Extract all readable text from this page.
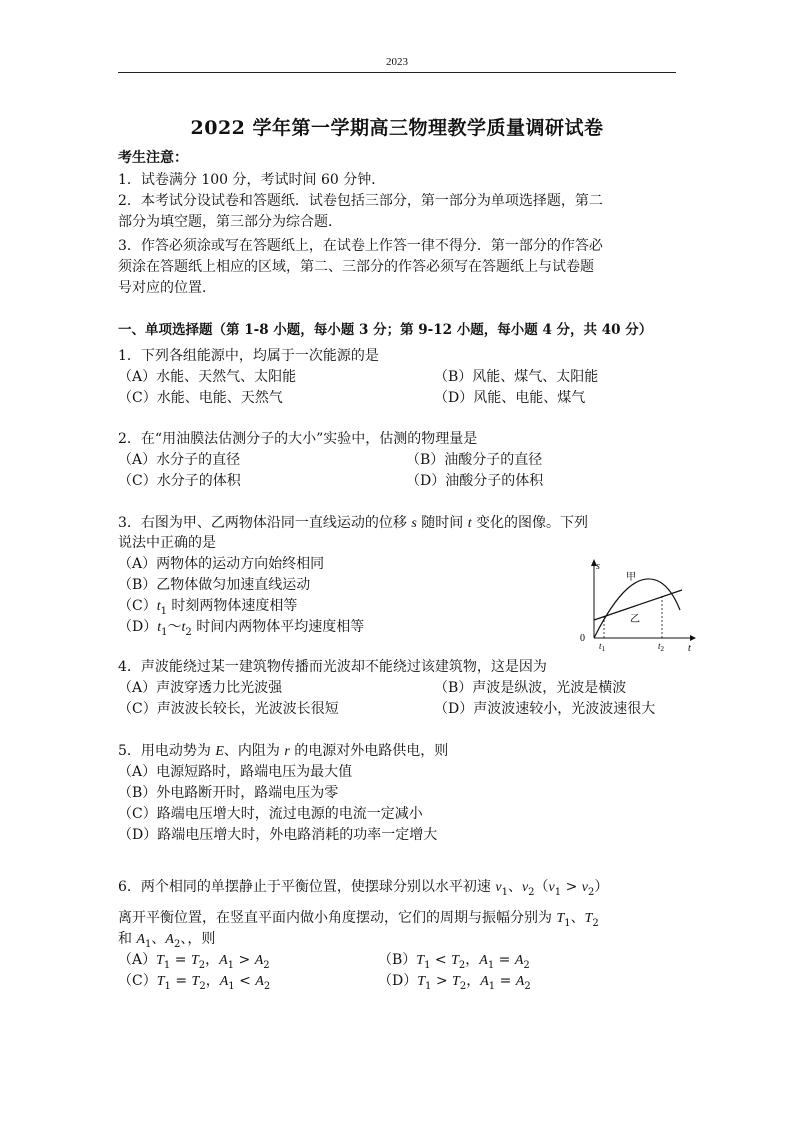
2023
2022 学年第一学期高三物理教学质量调研试卷
考生注意：
1．试卷满分 100 分，考试时间 60 分钟．
2．本考试分设试卷和答题纸．试卷包括三部分，第一部分为单项选择题，第二
部分为填空题，第三部分为综合题．
3．作答必须涂或写在答题纸上，在试卷上作答一律不得分．第一部分的作答必
须涂在答题纸上相应的区域，第二、三部分的作答必须写在答题纸上与试卷题
号对应的位置．
一、单项选择题（第 1-8 小题，每小题 3 分；第 9-12 小题，每小题 4 分，共 40 分）
1．下列各组能源中，均属于一次能源的是
（A）水能、天然气、太阳能	（B）风能、煤气、太阳能
（C）水能、电能、天然气	（D）风能、电能、煤气
2．在“用油膜法估测分子的大小”实验中，估测的物理量是
（A）水分子的直径	（B）油酸分子的直径
（C）水分子的体积	（D）油酸分子的体积
3．右图为甲、乙两物体沿同一直线运动的位移 s 随时间 t 变化的图像。下列
说法中正确的是
（A）两物体的运动方向始终相同
（B）乙物体做匀加速直线运动
$(C)t_1$ 时刻两物体速度相等
$(D)t_1\sim t_2$ 时间内两物体平均速度相等
s
t
0
甲
乙
$t_1$	$t_2$
4．声波能绕过某一建筑物传播而光波却不能绕过该建筑物，这是因为
（A）声波穿透力比光波强	（B）声波是纵波，光波是横波
（C）声波波长较长，光波波长很短	（D）声波波速较小，光波波速很大
5．用电动势为 E、内阻为 r 的电源对外电路供电，则
（A）电源短路时，路端电压为最大值
（B）外电路断开时，路端电压为零
（C）路端电压增大时，流过电源的电流一定减小
（D）路端电压增大时，外电路消耗的功率一定增大
6．两个相同的单摆静止于平衡位置，使摆球分别以水平初速 $v_1$、$v_2(v_1 > v_2)$
离开平衡位置，在竖直平面内做小角度摆动，它们的周期与振幅分别为 $T_1$、$T_2$
和 $A_1$、$A_2$、，则
$(A)T_1 = T_2$，$A_1 > A_2$	$(B)T_1 < T_2$，$A_1 = A_2$
$(C)T_1 = T_2$，$A_1 < A_2$	$(D)T_1 > T_2$，$A_1 = A_2$
